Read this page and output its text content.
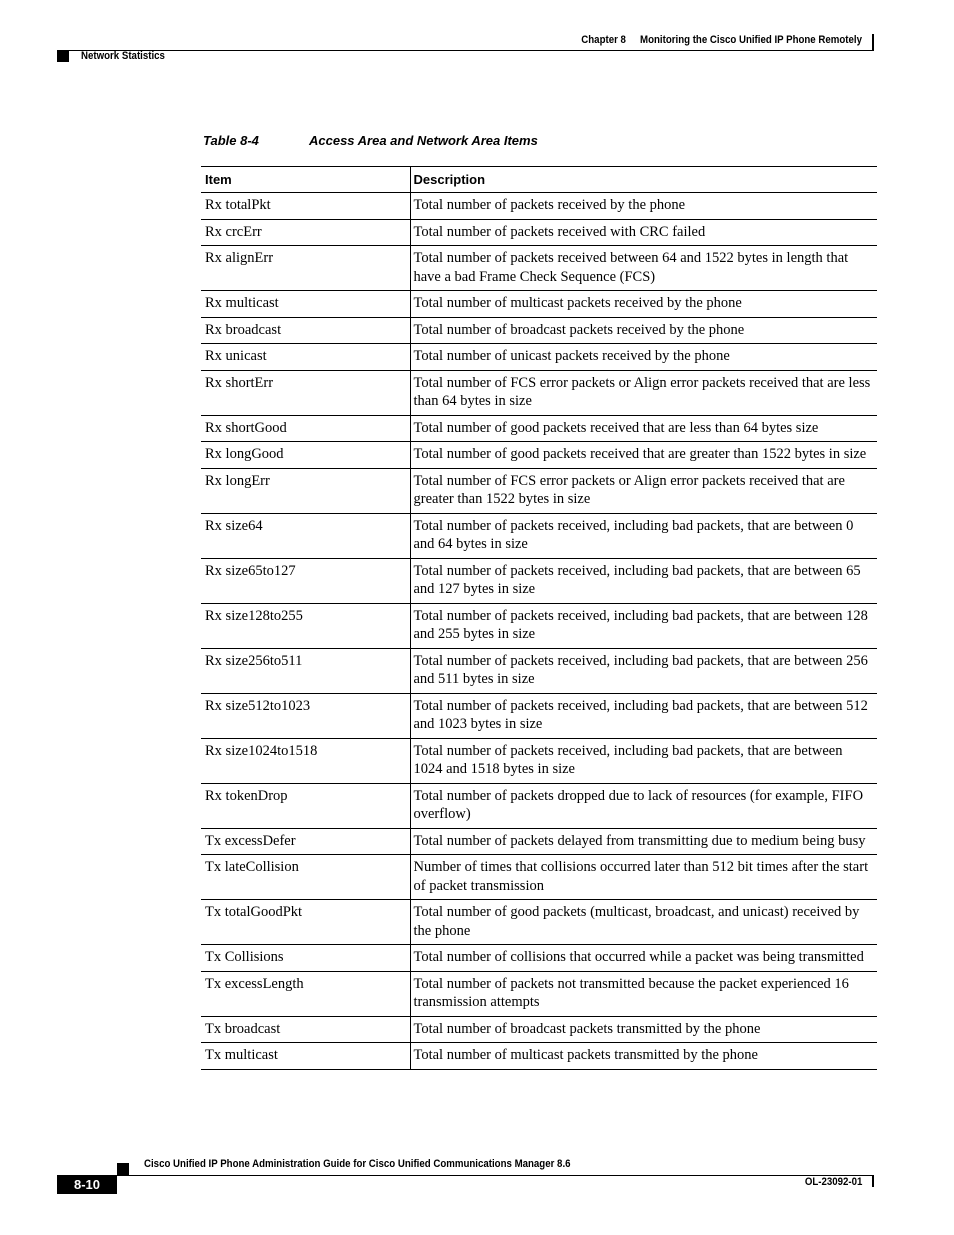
Chapter 8 Monitoring the Cisco Unified IP Phone Remotely
Network Statistics
Table 8-4	Access Area and Network Area Items
Item	Description
Rx totalPkt	Total number of packets received by the phone
Rx crcErr	Total number of packets received with CRC failed
Rx alignErr	Total number of packets received between 64 and 1522 bytes in length that have a bad Frame Check Sequence (FCS)
Rx multicast	Total number of multicast packets received by the phone
Rx broadcast	Total number of broadcast packets received by the phone
Rx unicast	Total number of unicast packets received by the phone
Rx shortErr	Total number of FCS error packets or Align error packets received that are less than 64 bytes in size
Rx shortGood	Total number of good packets received that are less than 64 bytes size
Rx longGood	Total number of good packets received that are greater than 1522 bytes in size
Rx longErr	Total number of FCS error packets or Align error packets received that are greater than 1522 bytes in size
Rx size64	Total number of packets received, including bad packets, that are between 0 and 64 bytes in size
Rx size65to127	Total number of packets received, including bad packets, that are between 65 and 127 bytes in size
Rx size128to255	Total number of packets received, including bad packets, that are between 128 and 255 bytes in size
Rx size256to511	Total number of packets received, including bad packets, that are between 256 and 511 bytes in size
Rx size512to1023	Total number of packets received, including bad packets, that are between 512 and 1023 bytes in size
Rx size1024to1518	Total number of packets received, including bad packets, that are between 1024 and 1518 bytes in size
Rx tokenDrop	Total number of packets dropped due to lack of resources (for example, FIFO overflow)
Tx excessDefer	Total number of packets delayed from transmitting due to medium being busy
Tx lateCollision	Number of times that collisions occurred later than 512 bit times after the start of packet transmission
Tx totalGoodPkt	Total number of good packets (multicast, broadcast, and unicast) received by the phone
Tx Collisions	Total number of collisions that occurred while a packet was being transmitted
Tx excessLength	Total number of packets not transmitted because the packet experienced 16 transmission attempts
Tx broadcast	Total number of broadcast packets transmitted by the phone
Tx multicast	Total number of multicast packets transmitted by the phone
Cisco Unified IP Phone Administration Guide for Cisco Unified Communications Manager 8.6
8-10	OL-23092-01
